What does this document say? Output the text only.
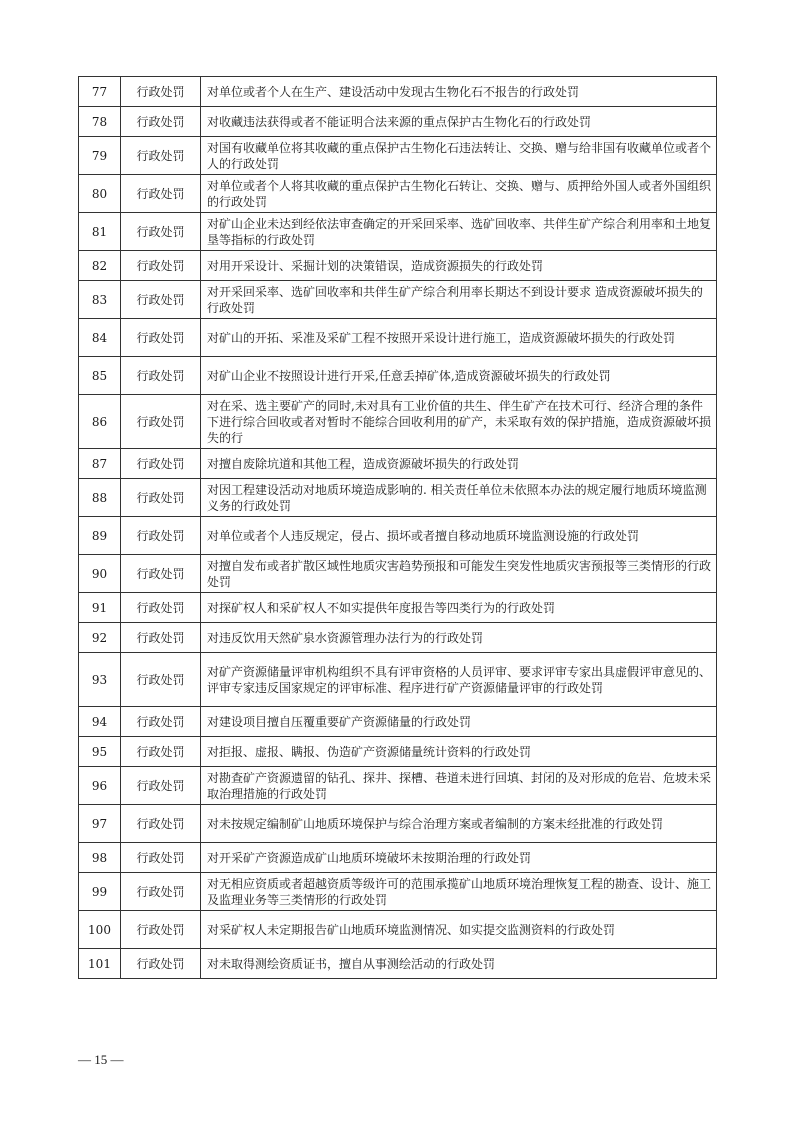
77	行政处罚	对单位或者个人在生产、建设活动中发现古生物化石不报告的行政处罚
78	行政处罚	对收藏违法获得或者不能证明合法来源的重点保护古生物化石的行政处罚
79	行政处罚	对国有收藏单位将其收藏的重点保护古生物化石违法转让、交换、赠与给非国有收藏单位或者个人的行政处罚
80	行政处罚	对单位或者个人将其收藏的重点保护古生物化石转让、交换、赠与、质押给外国人或者外国组织的行政处罚
81	行政处罚	对矿山企业未达到经依法审查确定的开采回采率、选矿回收率、共伴生矿产综合利用率和土地复垦等指标的行政处罚
82	行政处罚	对用开采设计、采掘计划的决策错误，造成资源损失的行政处罚
83	行政处罚	对开采回采率、选矿回收率和共伴生矿产综合利用率长期达不到设计要求 造成资源破坏损失的行政处罚
84	行政处罚	对矿山的开拓、采准及采矿工程不按照开采设计进行施工，造成资源破坏损失的行政处罚
85	行政处罚	对矿山企业不按照设计进行开采,任意丢掉矿体,造成资源破坏损失的行政处罚
86	行政处罚	对在采、选主要矿产的同时,未对具有工业价值的共生、伴生矿产在技术可行、经济合理的条件下进行综合回收或者对暂时不能综合回收利用的矿产，未采取有效的保护措施，造成资源破坏损失的行
87	行政处罚	对擅自废除坑道和其他工程，造成资源破坏损失的行政处罚
88	行政处罚	对因工程建设活动对地质环境造成影响的. 相关责任单位未依照本办法的规定履行地质环境监测义务的行政处罚
89	行政处罚	对单位或者个人违反规定，侵占、损坏或者擅自移动地质环境监测设施的行政处罚
90	行政处罚	对擅自发布或者扩散区域性地质灾害趋势预报和可能发生突发性地质灾害预报等三类情形的行政处罚
91	行政处罚	对探矿权人和采矿权人不如实提供年度报告等四类行为的行政处罚
92	行政处罚	对违反饮用天然矿泉水资源管理办法行为的行政处罚
93	行政处罚	对矿产资源储量评审机构组织不具有评审资格的人员评审、要求评审专家出具虚假评审意见的、评审专家违反国家规定的评审标准、程序进行矿产资源储量评审的行政处罚
94	行政处罚	对建设项目擅自压覆重要矿产资源储量的行政处罚
95	行政处罚	对拒报、虚报、瞒报、伪造矿产资源储量统计资料的行政处罚
96	行政处罚	对勘查矿产资源遗留的钻孔、探井、探槽、巷道未进行回填、封闭的及对形成的危岩、危坡未采取治理措施的行政处罚
97	行政处罚	对未按规定编制矿山地质环境保护与综合治理方案或者编制的方案未经批准的行政处罚
98	行政处罚	对开采矿产资源造成矿山地质环境破坏未按期治理的行政处罚
99	行政处罚	对无相应资质或者超越资质等级许可的范围承揽矿山地质环境治理恢复工程的勘查、设计、施工及监理业务等三类情形的行政处罚
100	行政处罚	对采矿权人未定期报告矿山地质环境监测情况、如实提交监测资料的行政处罚
101	行政处罚	对未取得测绘资质证书，擅自从事测绘活动的行政处罚
— 15 —
